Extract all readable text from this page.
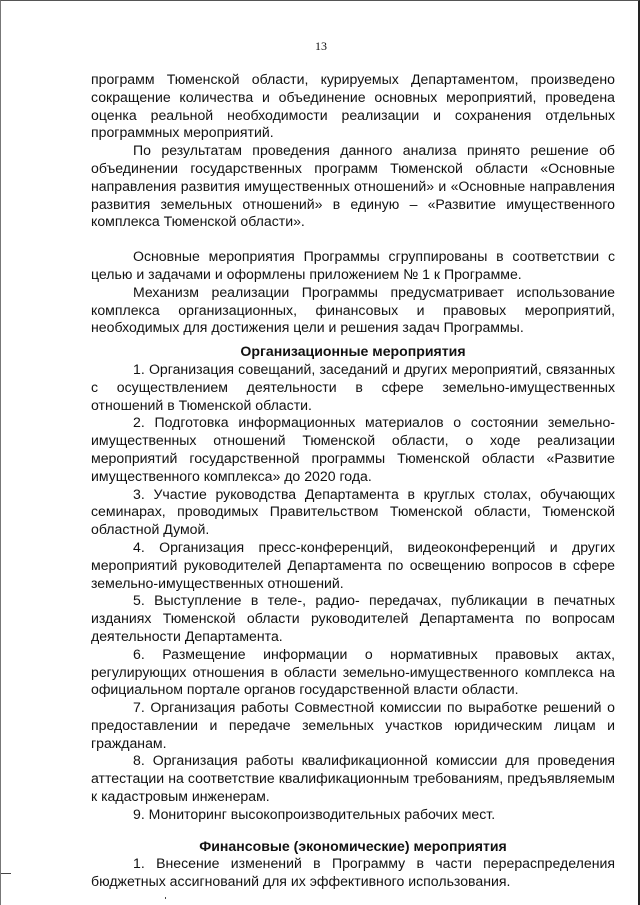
13

программ Тюменской области, курируемых Департаментом, произведено сокращение количества и объединение основных мероприятий, проведена оценка реальной необходимости реализации и сохранения отдельных программных мероприятий.

По результатам проведения данного анализа принято решение об объединении государственных программ Тюменской области «Основные направления развития имущественных отношений» и «Основные направления развития земельных отношений» в единую – «Развитие имущественного комплекса Тюменской области».

Основные мероприятия Программы сгруппированы в соответствии с целью и задачами и оформлены приложением № 1 к Программе.

Механизм реализации Программы предусматривает использование комплекса организационных, финансовых и правовых мероприятий, необходимых для достижения цели и решения задач Программы.

Организационные мероприятия

1. Организация совещаний, заседаний и других мероприятий, связанных с осуществлением деятельности в сфере земельно-имущественных отношений в Тюменской области.

2. Подготовка информационных материалов о состоянии земельно-имущественных отношений Тюменской области, о ходе реализации мероприятий государственной программы Тюменской области «Развитие имущественного комплекса» до 2020 года.

3. Участие руководства Департамента в круглых столах, обучающих семинарах, проводимых Правительством Тюменской области, Тюменской областной Думой.

4. Организация пресс-конференций, видеоконференций и других мероприятий руководителей Департамента по освещению вопросов в сфере земельно-имущественных отношений.

5. Выступление в теле-, радио- передачах, публикации в печатных изданиях Тюменской области руководителей Департамента по вопросам деятельности Департамента.

6. Размещение информации о нормативных правовых актах, регулирующих отношения в области земельно-имущественного комплекса на официальном портале органов государственной власти области.

7. Организация работы Совместной комиссии по выработке решений о предоставлении и передаче земельных участков юридическим лицам и гражданам.

8. Организация работы квалификационной комиссии для проведения аттестации на соответствие квалификационным требованиям, предъявляемым к кадастровым инженерам.

9. Мониторинг высокопроизводительных рабочих мест.

Финансовые (экономические) мероприятия

1. Внесение изменений в Программу в части перераспределения бюджетных ассигнований для их эффективного использования.
